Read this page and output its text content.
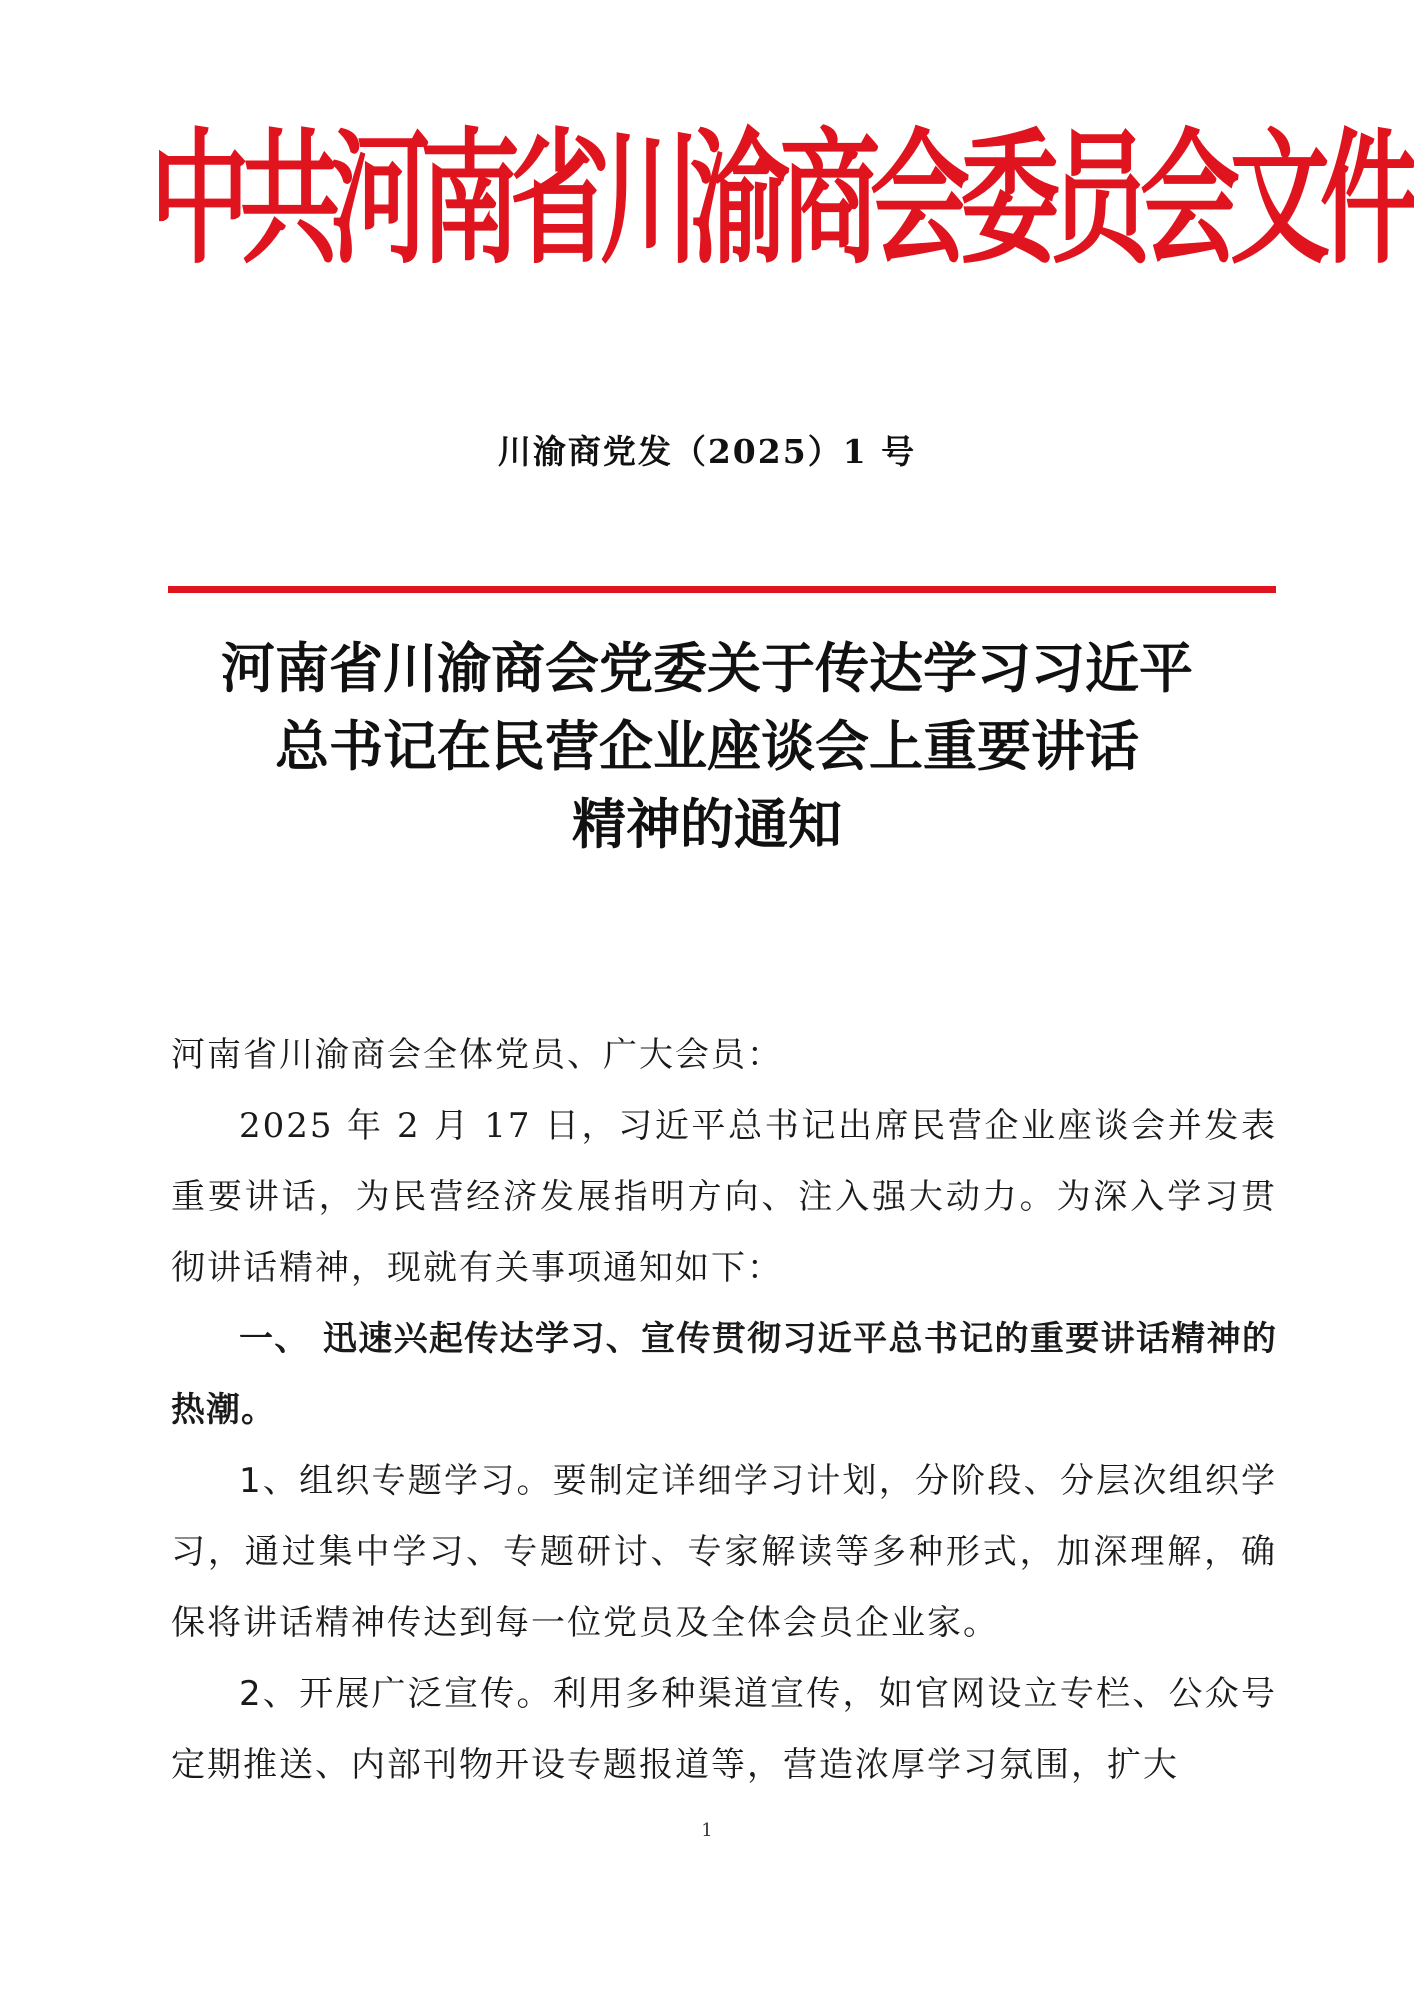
中共河南省川渝商会委员会文件
川渝商党发（2025）1 号
河南省川渝商会党委关于传达学习习近平
总书记在民营企业座谈会上重要讲话
精神的通知

河南省川渝商会全体党员、广大会员：

2025 年 2 月 17 日，习近平总书记出席民营企业座谈会并发表重要讲话，为民营经济发展指明方向、注入强大动力。为深入学习贯彻讲话精神，现就有关事项通知如下：

一、 迅速兴起传达学习、宣传贯彻习近平总书记的重要讲话精神的热潮。

1、组织专题学习。要制定详细学习计划，分阶段、分层次组织学习，通过集中学习、专题研讨、专家解读等多种形式，加深理解，确保将讲话精神传达到每一位党员及全体会员企业家。

2、开展广泛宣传。利用多种渠道宣传，如官网设立专栏、公众号定期推送、内部刊物开设专题报道等，营造浓厚学习氛围，扩大

1
